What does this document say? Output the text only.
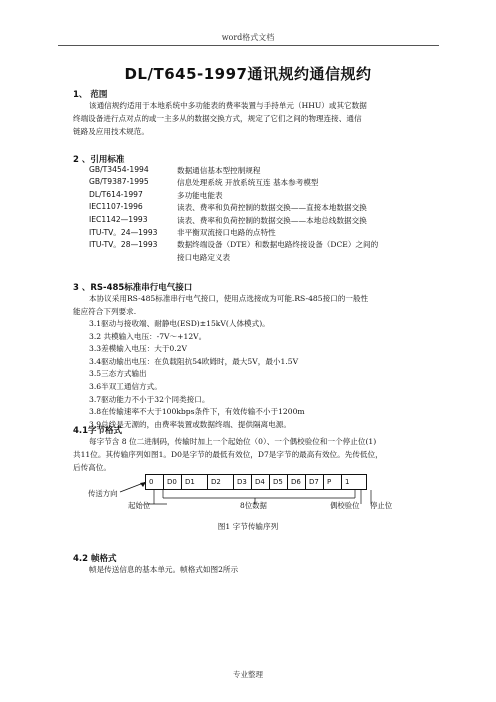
word格式文档
DL/T645-1997通讯规约通信规约
1、 范围
该通信规约适用于本地系统中多功能表的费率装置与手持单元（HHU）或其它数据
终端设备进行点对点的或一主多从的数据交换方式，规定了它们之间的物理连接、通信
链路及应用技术规范。
2 、引用标准
GB/T3454-1994	数据通信基本型控制规程
GB/T9387-1995	信息处理系统 开放系统互连 基本参考模型
DL/T614-1997	多功能电能表
IEC1107-1996	读表、费率和负荷控制的数据交换——直接本地数据交换
IEC1142—1993	读表、费率和负荷控制的数据交换——本地总线数据交换
ITU-TV。24—1993	非平衡双流接口电路的点特性
ITU-TV。28—1993	数据终端设备（DTE）和数据电路终接设备（DCE）之间的
接口电路定义表
3 、RS-485标准串行电气接口
本协议采用RS-485标准串行电气接口，使用点选接成为可能.RS-485接口的一般性
能应符合下列要求.
3.1驱动与接收端、耐静电(ESD)±15kV(人体模式)。
3.2 共模输入电压：-7V～+12V。
3.3差模输入电压：大于0.2V
3.4驱动输出电压：在负载阻抗54欧姆时，最大5V，最小1.5V
3.5三态方式输出
3.6半双工通信方式。
3.7驱动能力不小于32个同类接口。
3.8在传输速率不大于100kbps条件下，有效传输不小于1200m
3.9总线是无源的，由费率装置或数据终端、提供隔离电源。
4.1字节格式
每字节含 8 位二进制码，传输时加上一个起始位（0）、一个偶校验位和一个停止位(1)
共11位。其传输序列如图1。D0是字节的最低有效位，D7是字节的最高有效位。先传低位，
后传高位。
0	D0	D1	D2	D3	D4	D5	D6	D7	P	1
传送方向
起始位	8位数据	偶校验位 停止位
图1 字节传输序列
4.2 帧格式
帧是传送信息的基本单元。帧格式如图2所示
专业整理
